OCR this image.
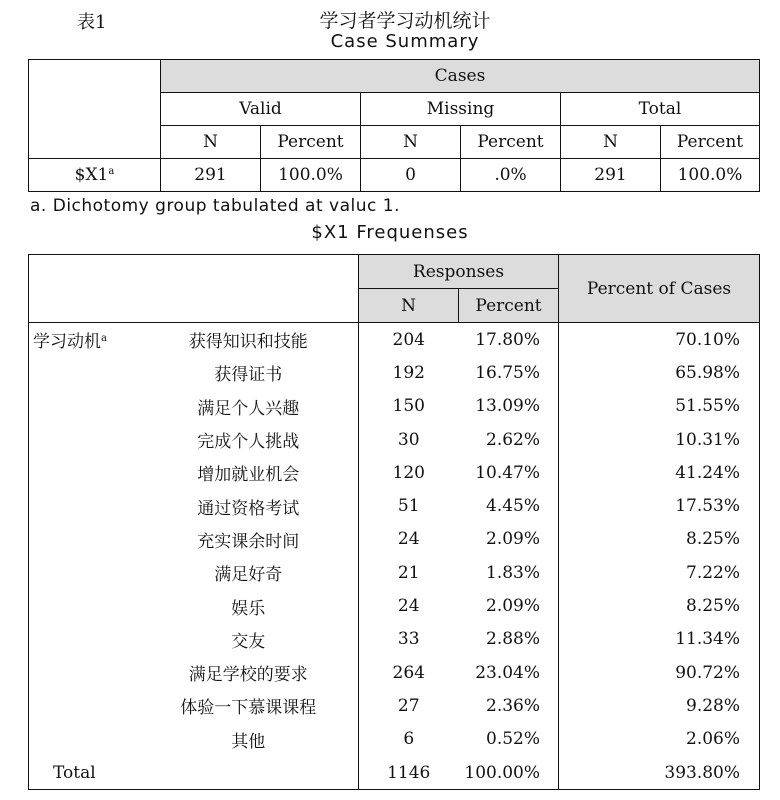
表1	学习者学习动机统计
Case Summary
	Cases					
	Valid		Missing		Total	
	N	Percent	N	Percent	N	Percent
$X1$^a$	291	100.0%	0	.0%	291	100.0%
a. Dichotomy group tabulated at valuc 1.
$X1 Frequenses
		Responses		Percent of Cases
		N	Percent	
学习动机$^a$	获得知识和技能	204	17.80%	70.10%
	获得证书	192	16.75%	65.98%
	满足个人兴趣	150	13.09%	51.55%
	完成个人挑战	30	2.62%	10.31%
	增加就业机会	120	10.47%	41.24%
	通过资格考试	51	4.45%	17.53%
	充实课余时间	24	2.09%	8.25%
	满足好奇	21	1.83%	7.22%
	娱乐	24	2.09%	8.25%
	交友	33	2.88%	11.34%
	满足学校的要求	264	23.04%	90.72%
	体验一下慕课课程	27	2.36%	9.28%
	其他	6	0.52%	2.06%
Total		1146	100.00%	393.80%
